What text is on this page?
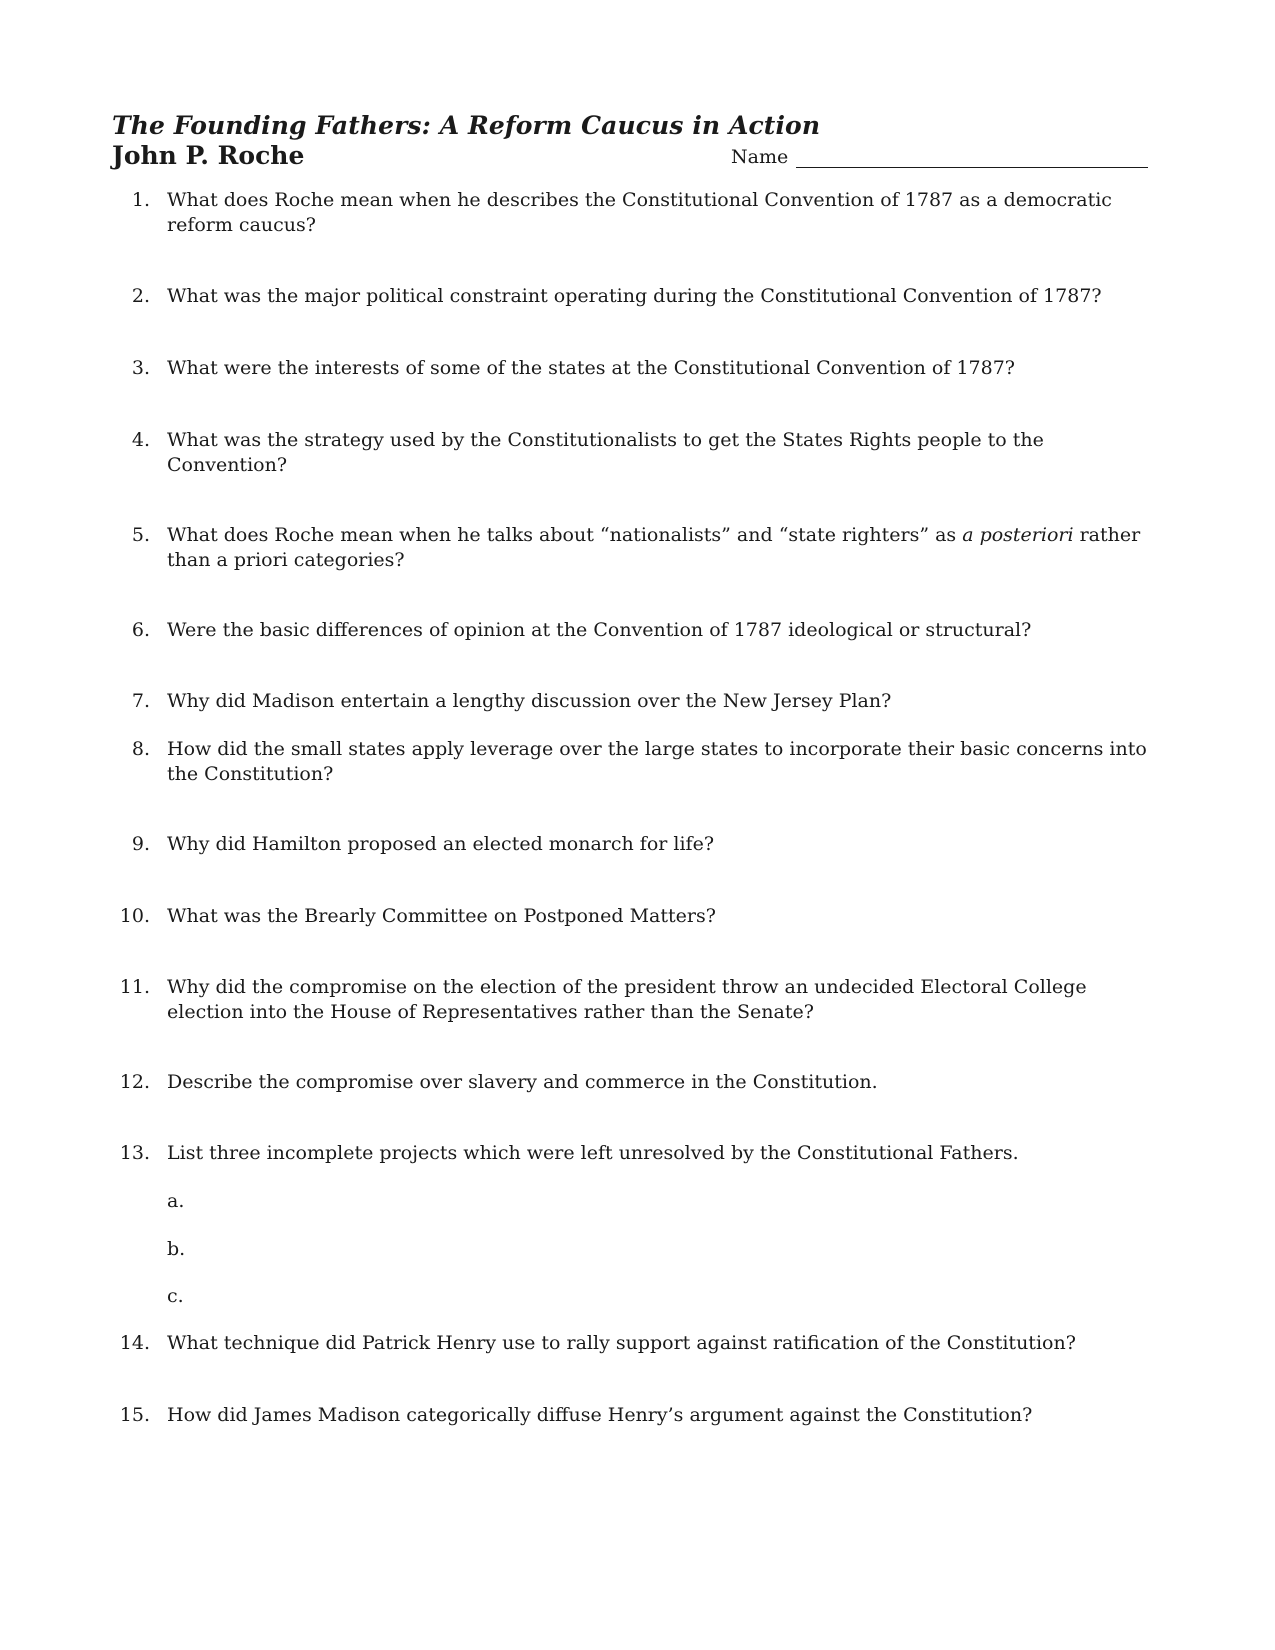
The Founding Fathers: A Reform Caucus in Action
John P. Roche	Name
1. What does Roche mean when he describes the Constitutional Convention of 1787 as a democratic reform caucus?
2. What was the major political constraint operating during the Constitutional Convention of 1787?
3. What were the interests of some of the states at the Constitutional Convention of 1787?
4. What was the strategy used by the Constitutionalists to get the States Rights people to the Convention?
5. What does Roche mean when he talks about “nationalists” and “state righters” as a posteriori rather than a priori categories?
6. Were the basic differences of opinion at the Convention of 1787 ideological or structural?
7. Why did Madison entertain a lengthy discussion over the New Jersey Plan?
8. How did the small states apply leverage over the large states to incorporate their basic concerns into the Constitution?
9. Why did Hamilton proposed an elected monarch for life?
10. What was the Brearly Committee on Postponed Matters?
11. Why did the compromise on the election of the president throw an undecided Electoral College election into the House of Representatives rather than the Senate?
12. Describe the compromise over slavery and commerce in the Constitution.
13. List three incomplete projects which were left unresolved by the Constitutional Fathers.
a.
b.
c.
14. What technique did Patrick Henry use to rally support against ratification of the Constitution?
15. How did James Madison categorically diffuse Henry’s argument against the Constitution?
